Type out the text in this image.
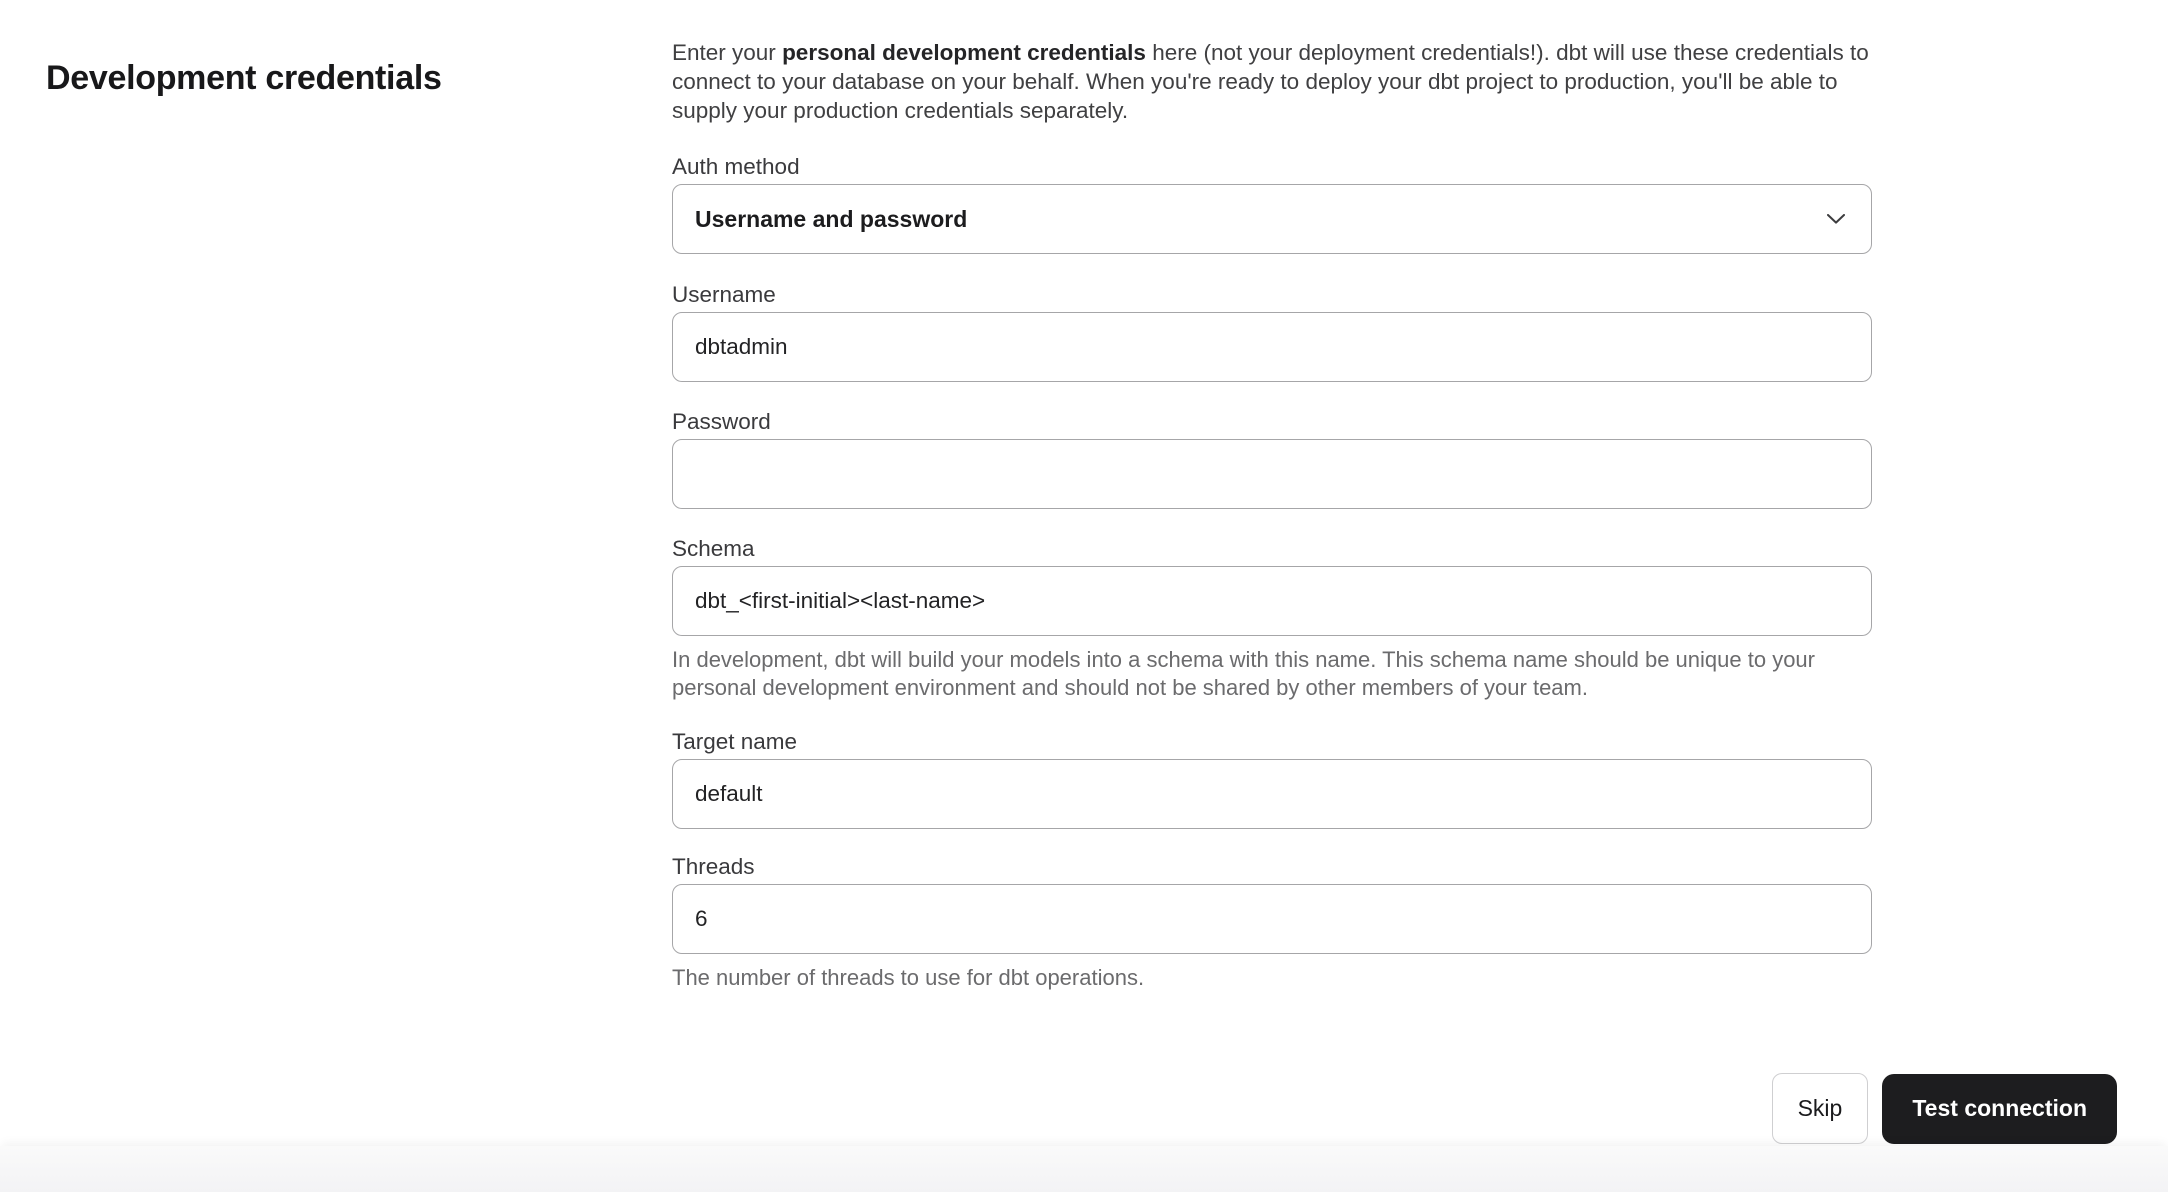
Development credentials

Enter your personal development credentials here (not your deployment credentials!). dbt will use these credentials to connect to your database on your behalf. When you're ready to deploy your dbt project to production, you'll be able to supply your production credentials separately.

Auth method
Username and password
Username
dbtadmin
Password
Schema
dbt_<first-initial><last-name>
In development, dbt will build your models into a schema with this name. This schema name should be unique to your personal development environment and should not be shared by other members of your team.
Target name
default
Threads
6
The number of threads to use for dbt operations.
Skip	Test connection
